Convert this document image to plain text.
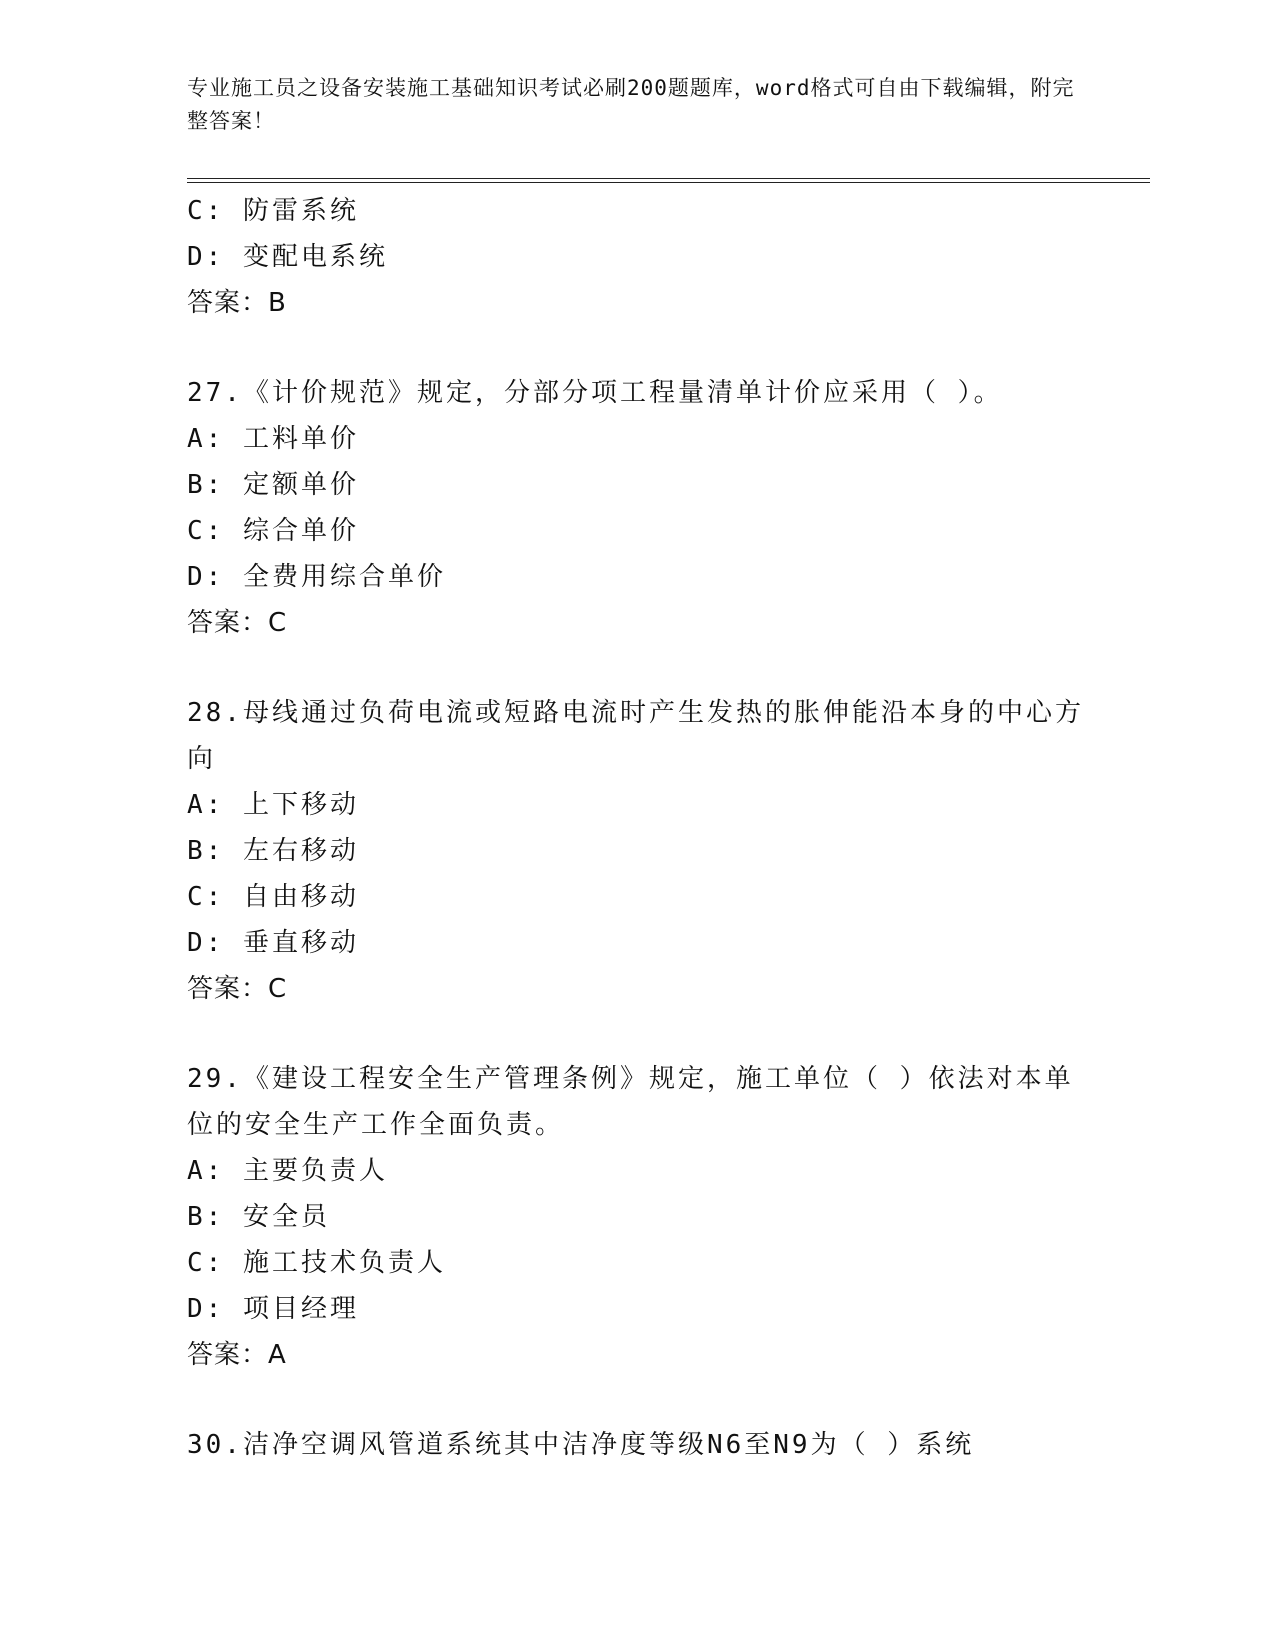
专业施工员之设备安装施工基础知识考试必刷200题题库，word格式可自由下载编辑，附完整答案！
C: 防雷系统
D: 变配电系统
答案：B
27.《计价规范》规定，分部分项工程量清单计价应采用（ ）。
A: 工料单价
B: 定额单价
C: 综合单价
D: 全费用综合单价
答案：C
28.母线通过负荷电流或短路电流时产生发热的胀伸能沿本身的中心方向
A: 上下移动
B: 左右移动
C: 自由移动
D: 垂直移动
答案：C
29.《建设工程安全生产管理条例》规定，施工单位（ ）依法对本单位的安全生产工作全面负责。
A: 主要负责人
B: 安全员
C: 施工技术负责人
D: 项目经理
答案：A
30.洁净空调风管道系统其中洁净度等级N6至N9为（ ）系统
